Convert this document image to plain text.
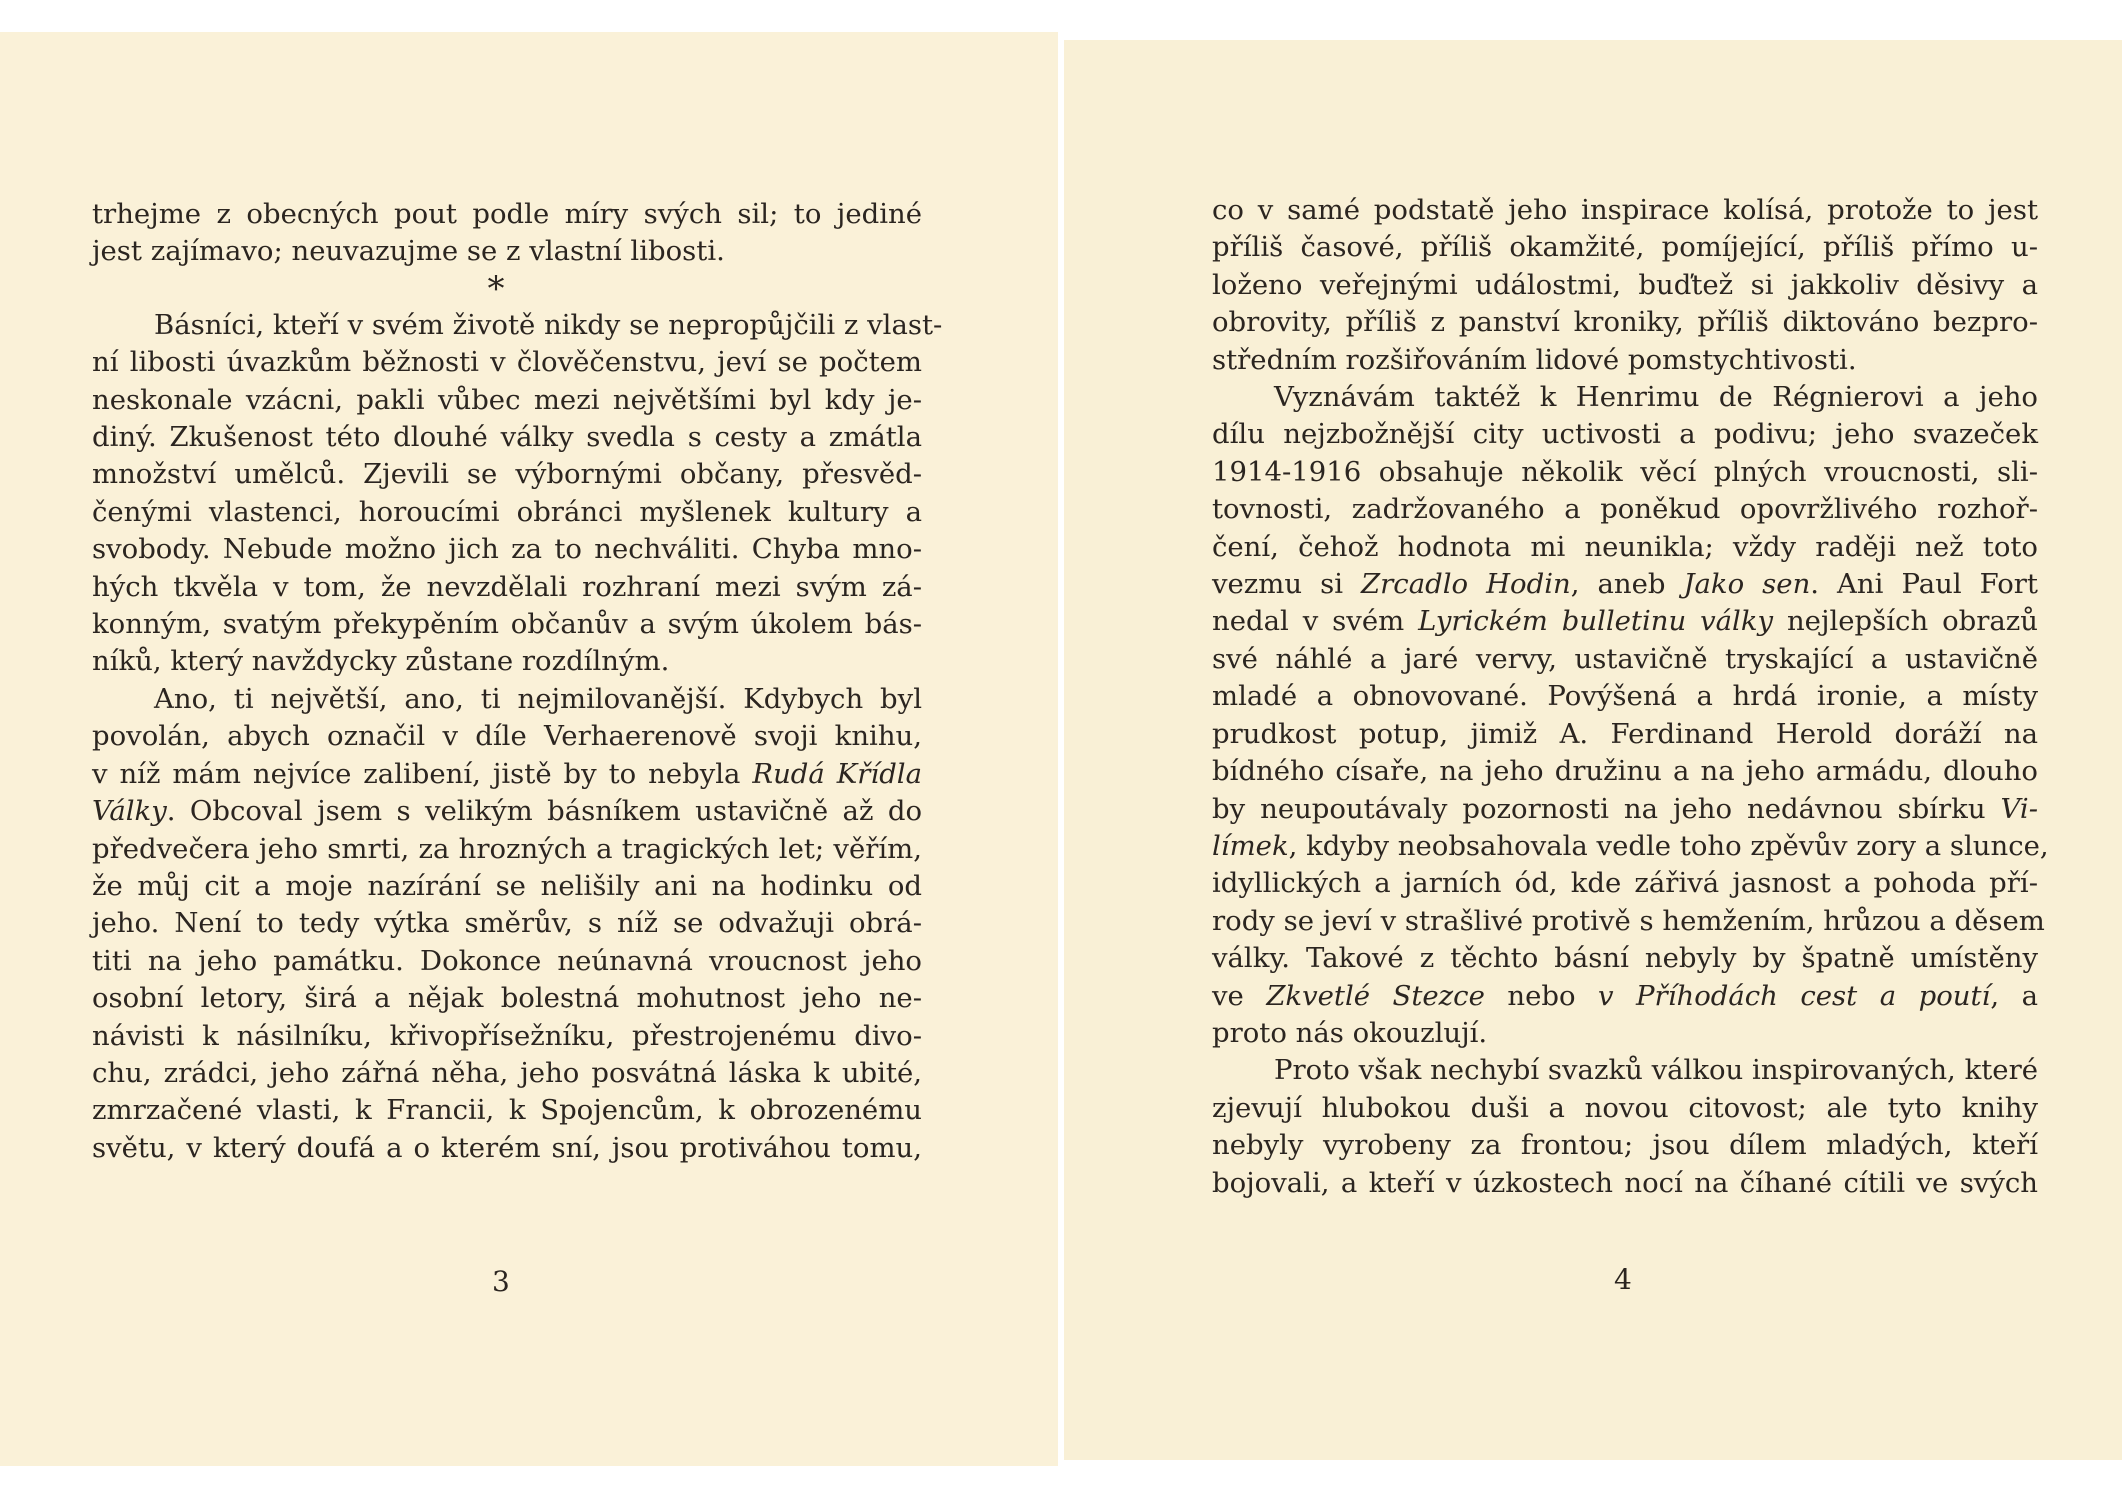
trhejme z obecných pout podle míry svých sil; to jediné
jest zajímavo; neuvazujme se z vlastní libosti.
*
Básníci, kteří v svém životě nikdy se nepropůjčili z vlast-
ní libosti úvazkům běžnosti v člověčenstvu, jeví se počtem
neskonale vzácni, pakli vůbec mezi největšími byl kdy je-
diný. Zkušenost této dlouhé války svedla s cesty a zmátla
množství umělců. Zjevili se výbornými občany, přesvěd-
čenými vlastenci, horoucími obránci myšlenek kultury a
svobody. Nebude možno jich za to nechváliti. Chyba mno-
hých tkvěla v tom, že nevzdělali rozhraní mezi svým zá-
konným, svatým překypěním občanův a svým úkolem bás-
níků, který navždycky zůstane rozdílným.
Ano, ti největší, ano, ti nejmilovanější. Kdybych byl
povolán, abych označil v díle Verhaerenově svoji knihu,
v níž mám nejvíce zalibení, jistě by to nebyla Rudá Křídla
Války. Obcoval jsem s velikým básníkem ustavičně až do
předvečera jeho smrti, za hrozných a tragických let; věřím,
že můj cit a moje nazírání se nelišily ani na hodinku od
jeho. Není to tedy výtka směrův, s níž se odvažuji obrá-
titi na jeho památku. Dokonce neúnavná vroucnost jeho
osobní letory, širá a nějak bolestná mohutnost jeho ne-
návisti k násilníku, křivopřísežníku, přestrojenému divo-
chu, zrádci, jeho zářná něha, jeho posvátná láska k ubité,
zmrzačené vlasti, k Francii, k Spojencům, k obrozenému
světu, v který doufá a o kterém sní, jsou protiváhou tomu,
3
co v samé podstatě jeho inspirace kolísá, protože to jest
příliš časové, příliš okamžité, pomíjející, příliš přímo u-
loženo veřejnými událostmi, buďtež si jakkoliv děsivy a
obrovity, příliš z panství kroniky, příliš diktováno bezpro-
středním rozšiřováním lidové pomstychtivosti.
Vyznávám taktéž k Henrimu de Régnierovi a jeho
dílu nejzbožnější city uctivosti a podivu; jeho svazeček
1914-1916 obsahuje několik věcí plných vroucnosti, sli-
tovnosti, zadržovaného a poněkud opovržlivého rozhoř-
čení, čehož hodnota mi neunikla; vždy raději než toto
vezmu si Zrcadlo Hodin, aneb Jako sen. Ani Paul Fort
nedal v svém Lyrickém bulletinu války nejlepších obrazů
své náhlé a jaré vervy, ustavičně tryskající a ustavičně
mladé a obnovované. Povýšená a hrdá ironie, a místy
prudkost potup, jimiž A. Ferdinand Herold doráží na
bídného císaře, na jeho družinu a na jeho armádu, dlouho
by neupoutávaly pozornosti na jeho nedávnou sbírku Vi-
límek, kdyby neobsahovala vedle toho zpěvův zory a slunce,
idyllických a jarních ód, kde zářivá jasnost a pohoda pří-
rody se jeví v strašlivé protivě s hemžením, hrůzou a děsem
války. Takové z těchto básní nebyly by špatně umístěny
ve Zkvetlé Stezce nebo v Příhodách cest a poutí, a
proto nás okouzlují.
Proto však nechybí svazků válkou inspirovaných, které
zjevují hlubokou duši a novou citovost; ale tyto knihy
nebyly vyrobeny za frontou; jsou dílem mladých, kteří
bojovali, a kteří v úzkostech nocí na číhané cítili ve svých
4
